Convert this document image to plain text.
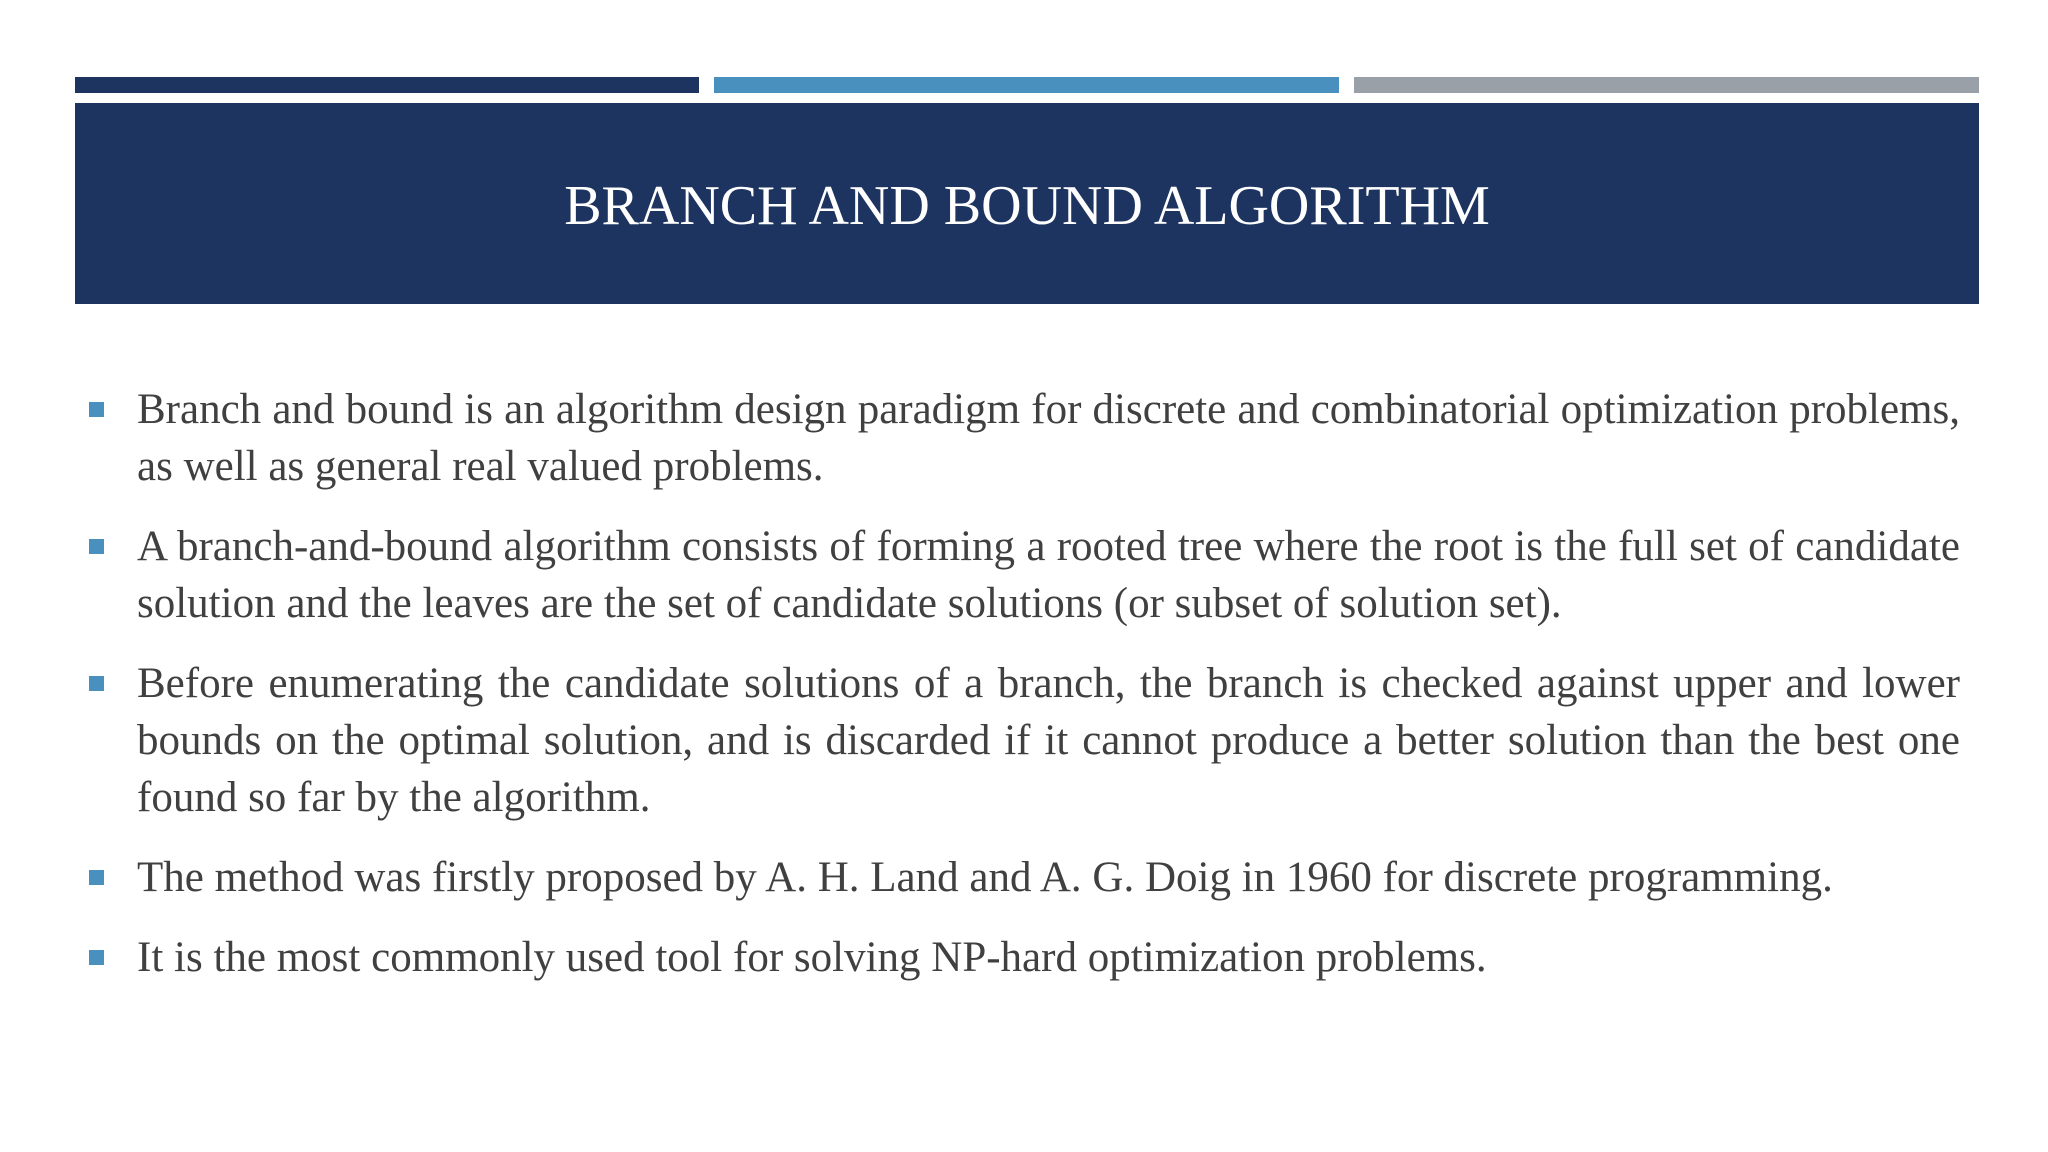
BRANCH AND BOUND ALGORITHM
Branch and bound is an algorithm design paradigm for discrete and combinatorial optimization problems, as well as general real valued problems.
A branch-and-bound algorithm consists of forming a rooted tree where the root is the full set of candidate solution and the leaves are the set of candidate solutions (or subset of solution set).
Before enumerating the candidate solutions of a branch, the branch is checked against upper and lower bounds on the optimal solution, and is discarded if it cannot produce a better solution than the best one found so far by the algorithm.
The method was firstly proposed by A. H. Land and A. G. Doig in 1960 for discrete programming.
It is the most commonly used tool for solving NP-hard optimization problems.
